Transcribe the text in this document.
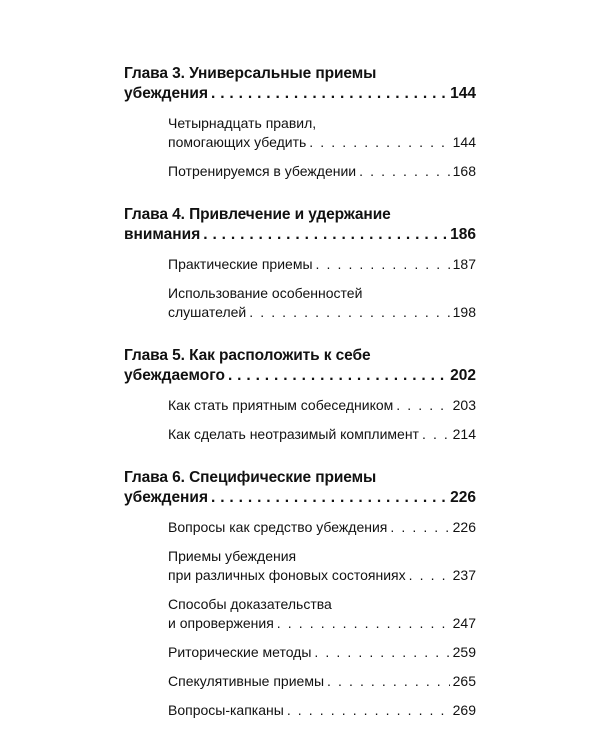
Глава 3. Универсальные приемы
убеждения . . .	144
Четырнадцать правил,
помогающих убедить . . .	144
Потренируемся в убеждении . . .	168
Глава 4. Привлечение и удержание
внимания . . .	186
Практические приемы . . .	187
Использование особенностей
слушателей . . .	198
Глава 5. Как расположить к себе
убеждаемого . . .	202
Как стать приятным собеседником . . .	203
Как сделать неотразимый комплимент . . . 214
Глава 6. Специфические приемы
убеждения . . .	226
Вопросы как средство убеждения . . .	226
Приемы убеждения
при различных фоновых состояниях . . .	237
Способы доказательства
и опровержения . . .	247
Риторические методы . . .	259
Спекулятивные приемы . . .	265
Вопросы-капканы . . .	269
